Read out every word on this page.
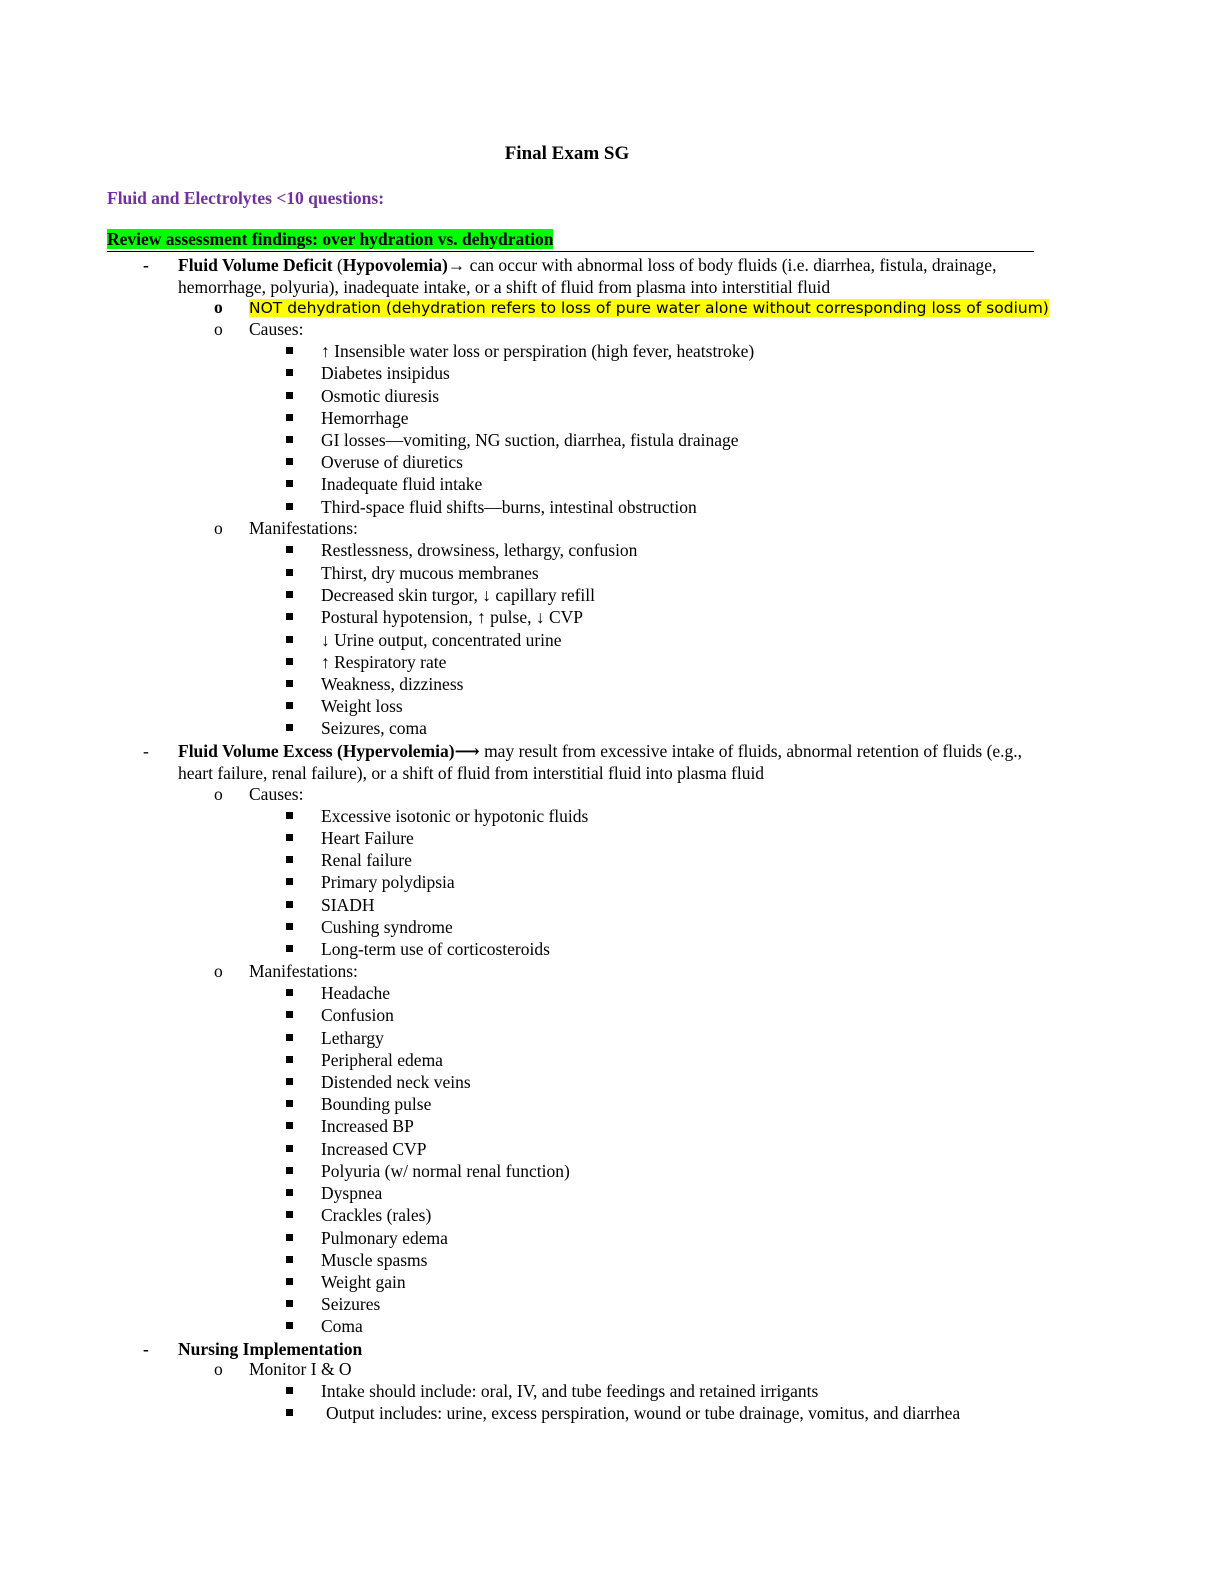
Final Exam SG
Fluid and Electrolytes <10 questions:
Review assessment findings: over hydration vs. dehydration
- Fluid Volume Deficit (Hypovolemia)→ can occur with abnormal loss of body fluids (i.e. diarrhea, fistula, drainage,
hemorrhage, polyuria), inadequate intake, or a shift of fluid from plasma into interstitial fluid
o NOT dehydration (dehydration refers to loss of pure water alone without corresponding loss of sodium)
o Causes:
↑ Insensible water loss or perspiration (high fever, heatstroke)
Diabetes insipidus
Osmotic diuresis
Hemorrhage
GI losses—vomiting, NG suction, diarrhea, fistula drainage
Overuse of diuretics
Inadequate fluid intake
Third-space fluid shifts—burns, intestinal obstruction
o Manifestations:
Restlessness, drowsiness, lethargy, confusion
Thirst, dry mucous membranes
Decreased skin turgor, ↓ capillary refill
Postural hypotension, ↑ pulse, ↓ CVP
↓ Urine output, concentrated urine
↑ Respiratory rate
Weakness, dizziness
Weight loss
Seizures, coma
- Fluid Volume Excess (Hypervolemia)⟶ may result from excessive intake of fluids, abnormal retention of fluids (e.g.,
heart failure, renal failure), or a shift of fluid from interstitial fluid into plasma fluid
o Causes:
Excessive isotonic or hypotonic fluids
Heart Failure
Renal failure
Primary polydipsia
SIADH
Cushing syndrome
Long-term use of corticosteroids
o Manifestations:
Headache
Confusion
Lethargy
Peripheral edema
Distended neck veins
Bounding pulse
Increased BP
Increased CVP
Polyuria (w/ normal renal function)
Dyspnea
Crackles (rales)
Pulmonary edema
Muscle spasms
Weight gain
Seizures
Coma
- Nursing Implementation
o Monitor I & O
Intake should include: oral, IV, and tube feedings and retained irrigants
Output includes: urine, excess perspiration, wound or tube drainage, vomitus, and diarrhea
